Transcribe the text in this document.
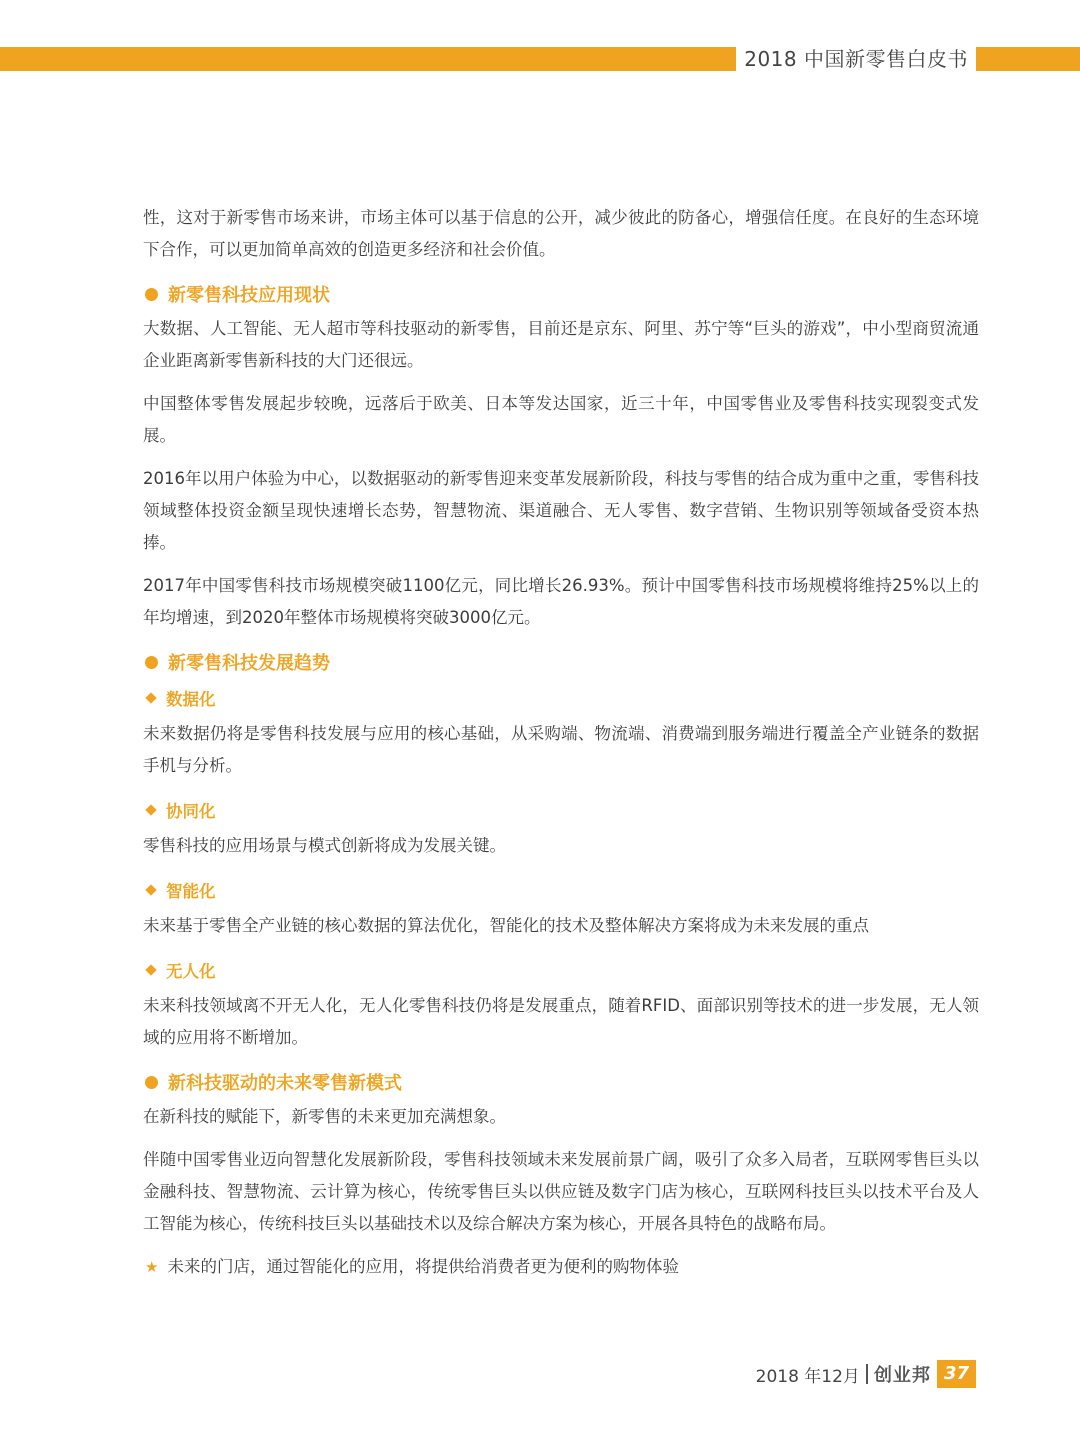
2018 中国新零售白皮书

性，这对于新零售市场来讲，市场主体可以基于信息的公开，减少彼此的防备心，增强信任度。在良好的生态环境下合作，可以更加简单高效的创造更多经济和社会价值。

新零售科技应用现状

大数据、人工智能、无人超市等科技驱动的新零售，目前还是京东、阿里、苏宁等“巨头的游戏”，中小型商贸流通企业距离新零售新科技的大门还很远。

中国整体零售发展起步较晚，远落后于欧美、日本等发达国家，近三十年，中国零售业及零售科技实现裂变式发展。

2016年以用户体验为中心，以数据驱动的新零售迎来变革发展新阶段，科技与零售的结合成为重中之重，零售科技领域整体投资金额呈现快速增长态势，智慧物流、渠道融合、无人零售、数字营销、生物识别等领域备受资本热捧。

2017年中国零售科技市场规模突破1100亿元，同比增长26.93%。预计中国零售科技市场规模将维持25%以上的年均增速，到2020年整体市场规模将突破3000亿元。

新零售科技发展趋势
数据化

未来数据仍将是零售科技发展与应用的核心基础，从采购端、物流端、消费端到服务端进行覆盖全产业链条的数据手机与分析。

协同化

零售科技的应用场景与模式创新将成为发展关键。

智能化

未来基于零售全产业链的核心数据的算法优化，智能化的技术及整体解决方案将成为未来发展的重点

无人化

未来科技领域离不开无人化，无人化零售科技仍将是发展重点，随着RFID、面部识别等技术的进一步发展，无人领域的应用将不断增加。

新科技驱动的未来零售新模式

在新科技的赋能下，新零售的未来更加充满想象。

伴随中国零售业迈向智慧化发展新阶段，零售科技领域未来发展前景广阔，吸引了众多入局者，互联网零售巨头以金融科技、智慧物流、云计算为核心，传统零售巨头以供应链及数字门店为核心，互联网科技巨头以技术平台及人工智能为核心，传统科技巨头以基础技术以及综合解决方案为核心，开展各具特色的战略布局。

★ 未来的门店，通过智能化的应用，将提供给消费者更为便利的购物体验
2018 年12月 创业邦 37
